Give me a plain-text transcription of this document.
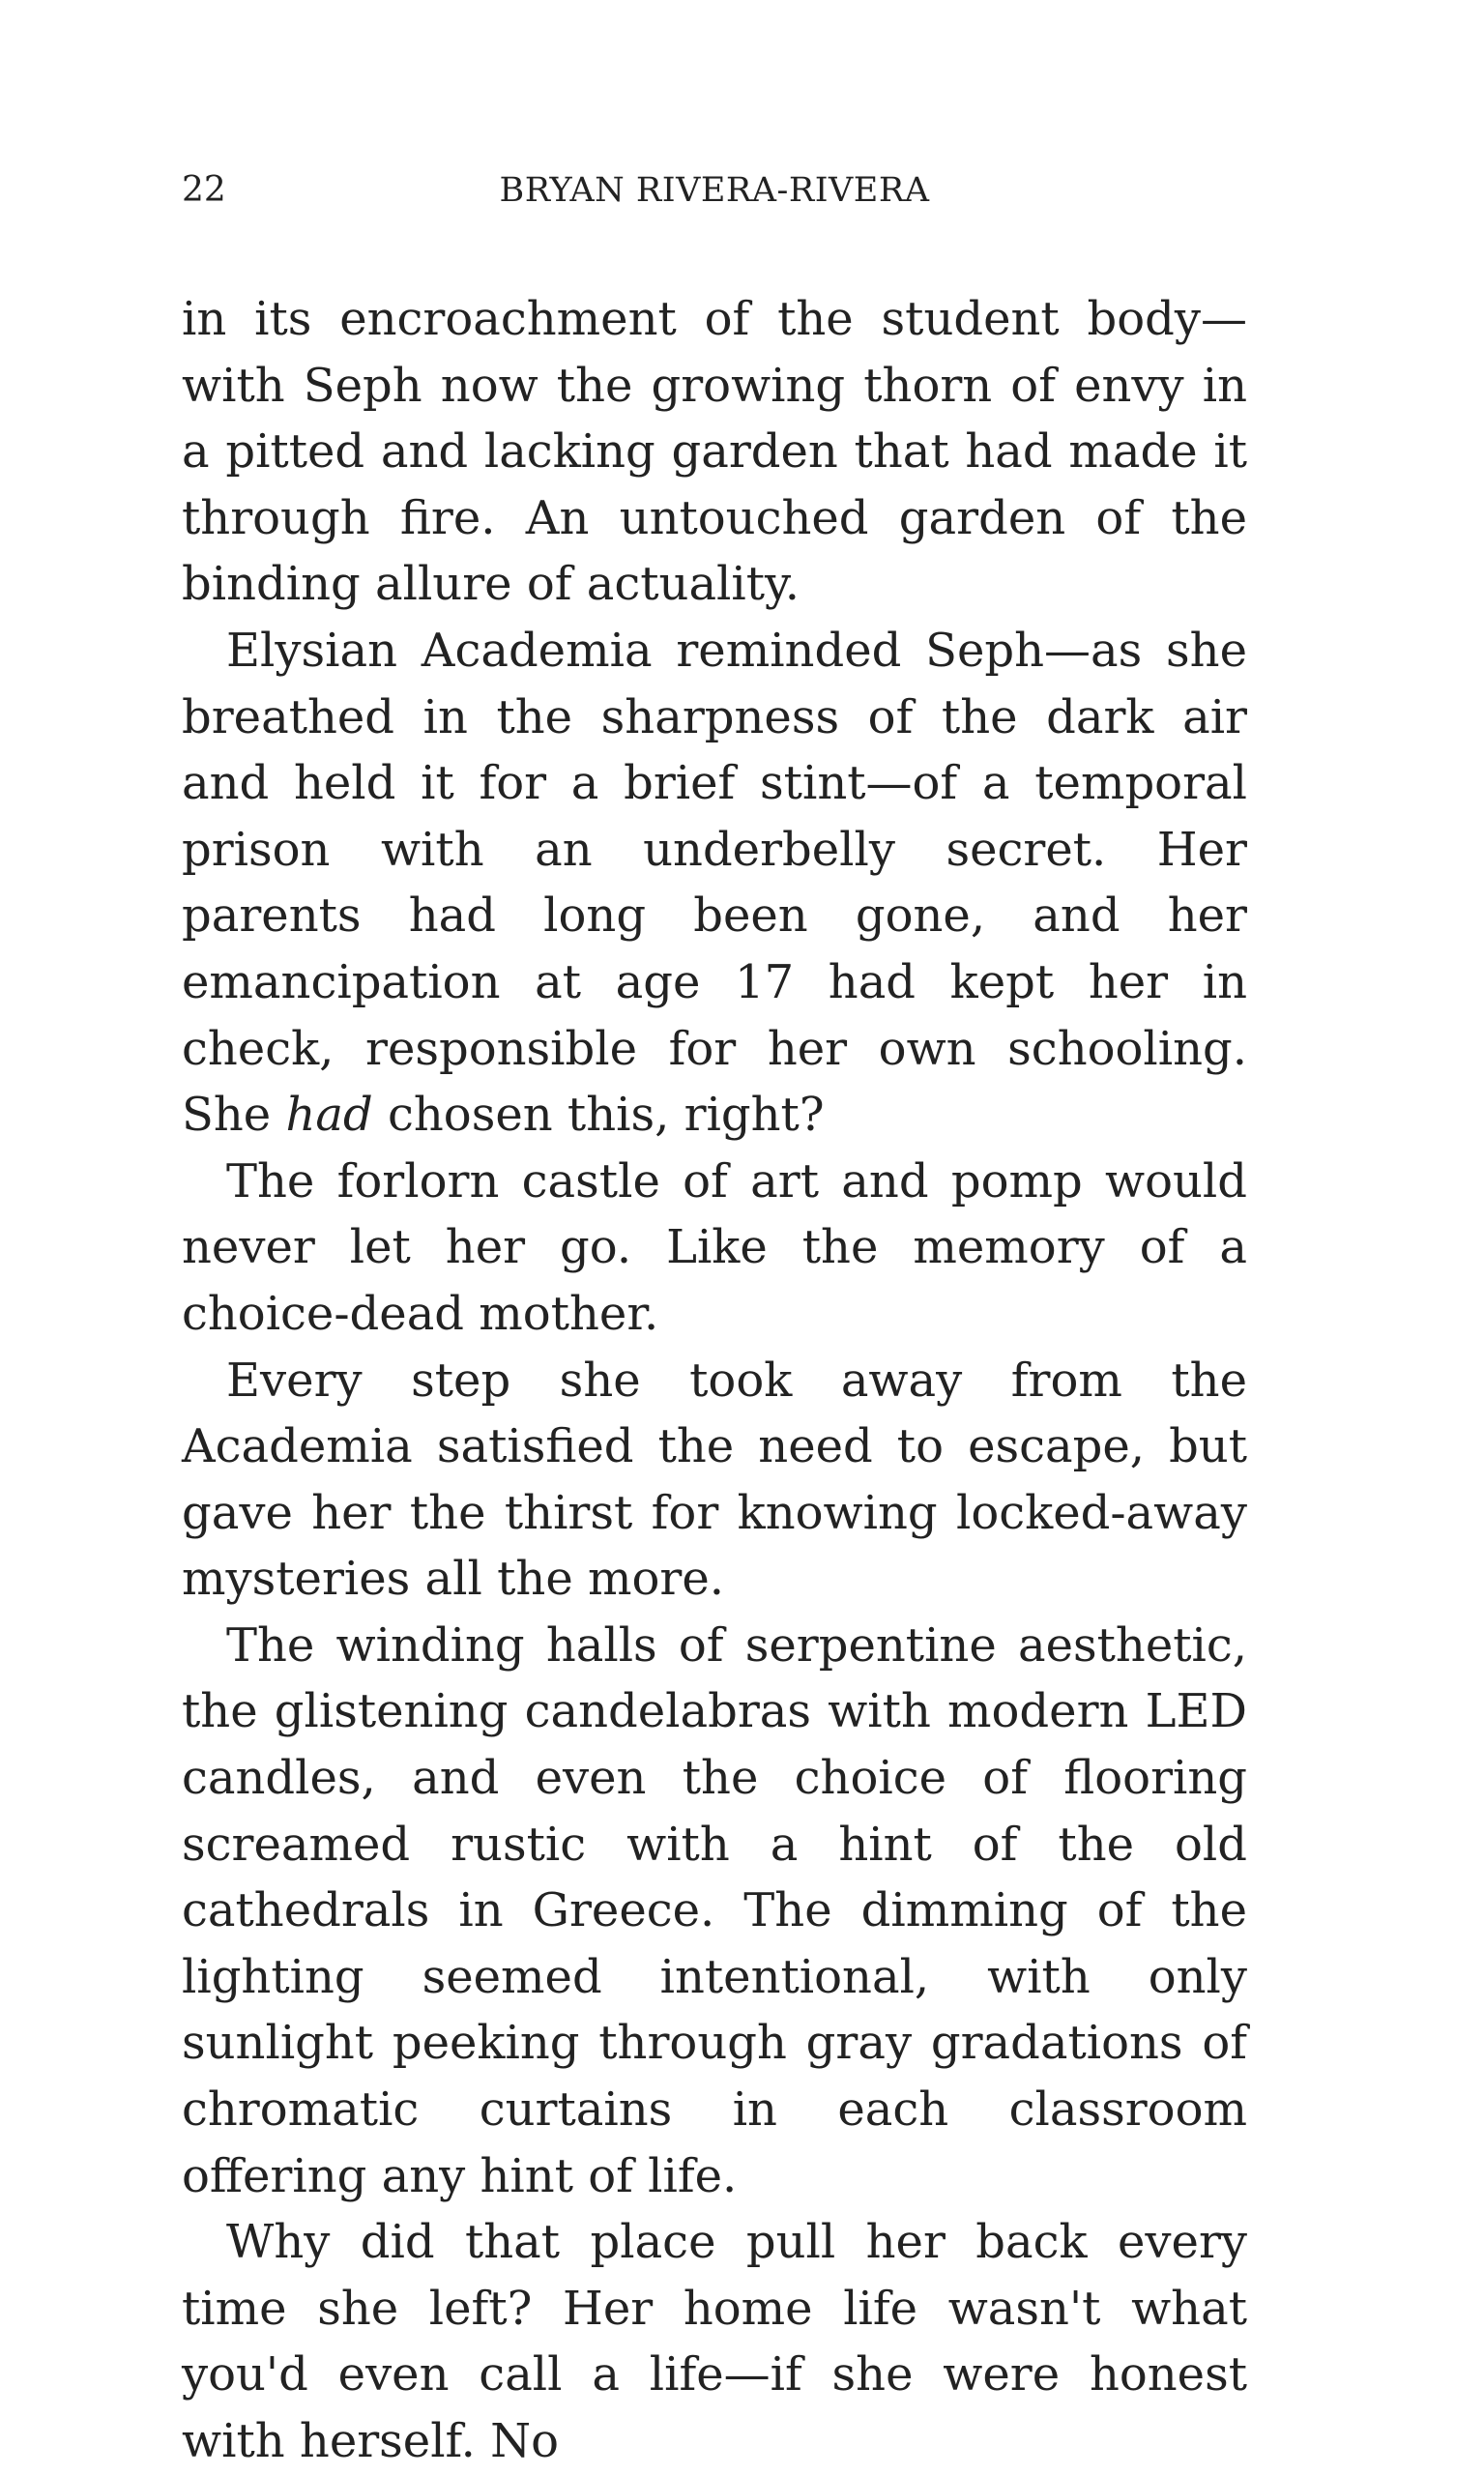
22	BRYAN RIVERA-RIVERA

in its encroachment of the student body—with Seph now the growing thorn of envy in a pitted and lacking garden that had made it through fire. An untouched garden of the binding allure of actuality.

Elysian Academia reminded Seph—as she breathed in the sharpness of the dark air and held it for a brief stint—of a temporal prison with an underbelly secret. Her parents had long been gone, and her emancipation at age 17 had kept her in check, responsible for her own schooling. She had chosen this, right?

The forlorn castle of art and pomp would never let her go. Like the memory of a choice-dead mother.

Every step she took away from the Academia satisfied the need to escape, but gave her the thirst for knowing locked-away mysteries all the more.

The winding halls of serpentine aesthetic, the glistening candelabras with modern LED candles, and even the choice of flooring screamed rustic with a hint of the old cathedrals in Greece. The dimming of the lighting seemed intentional, with only sunlight peeking through gray gradations of chromatic curtains in each classroom offering any hint of life.

Why did that place pull her back every time she left? Her home life wasn't what you'd even call a life—if she were honest with herself. No
